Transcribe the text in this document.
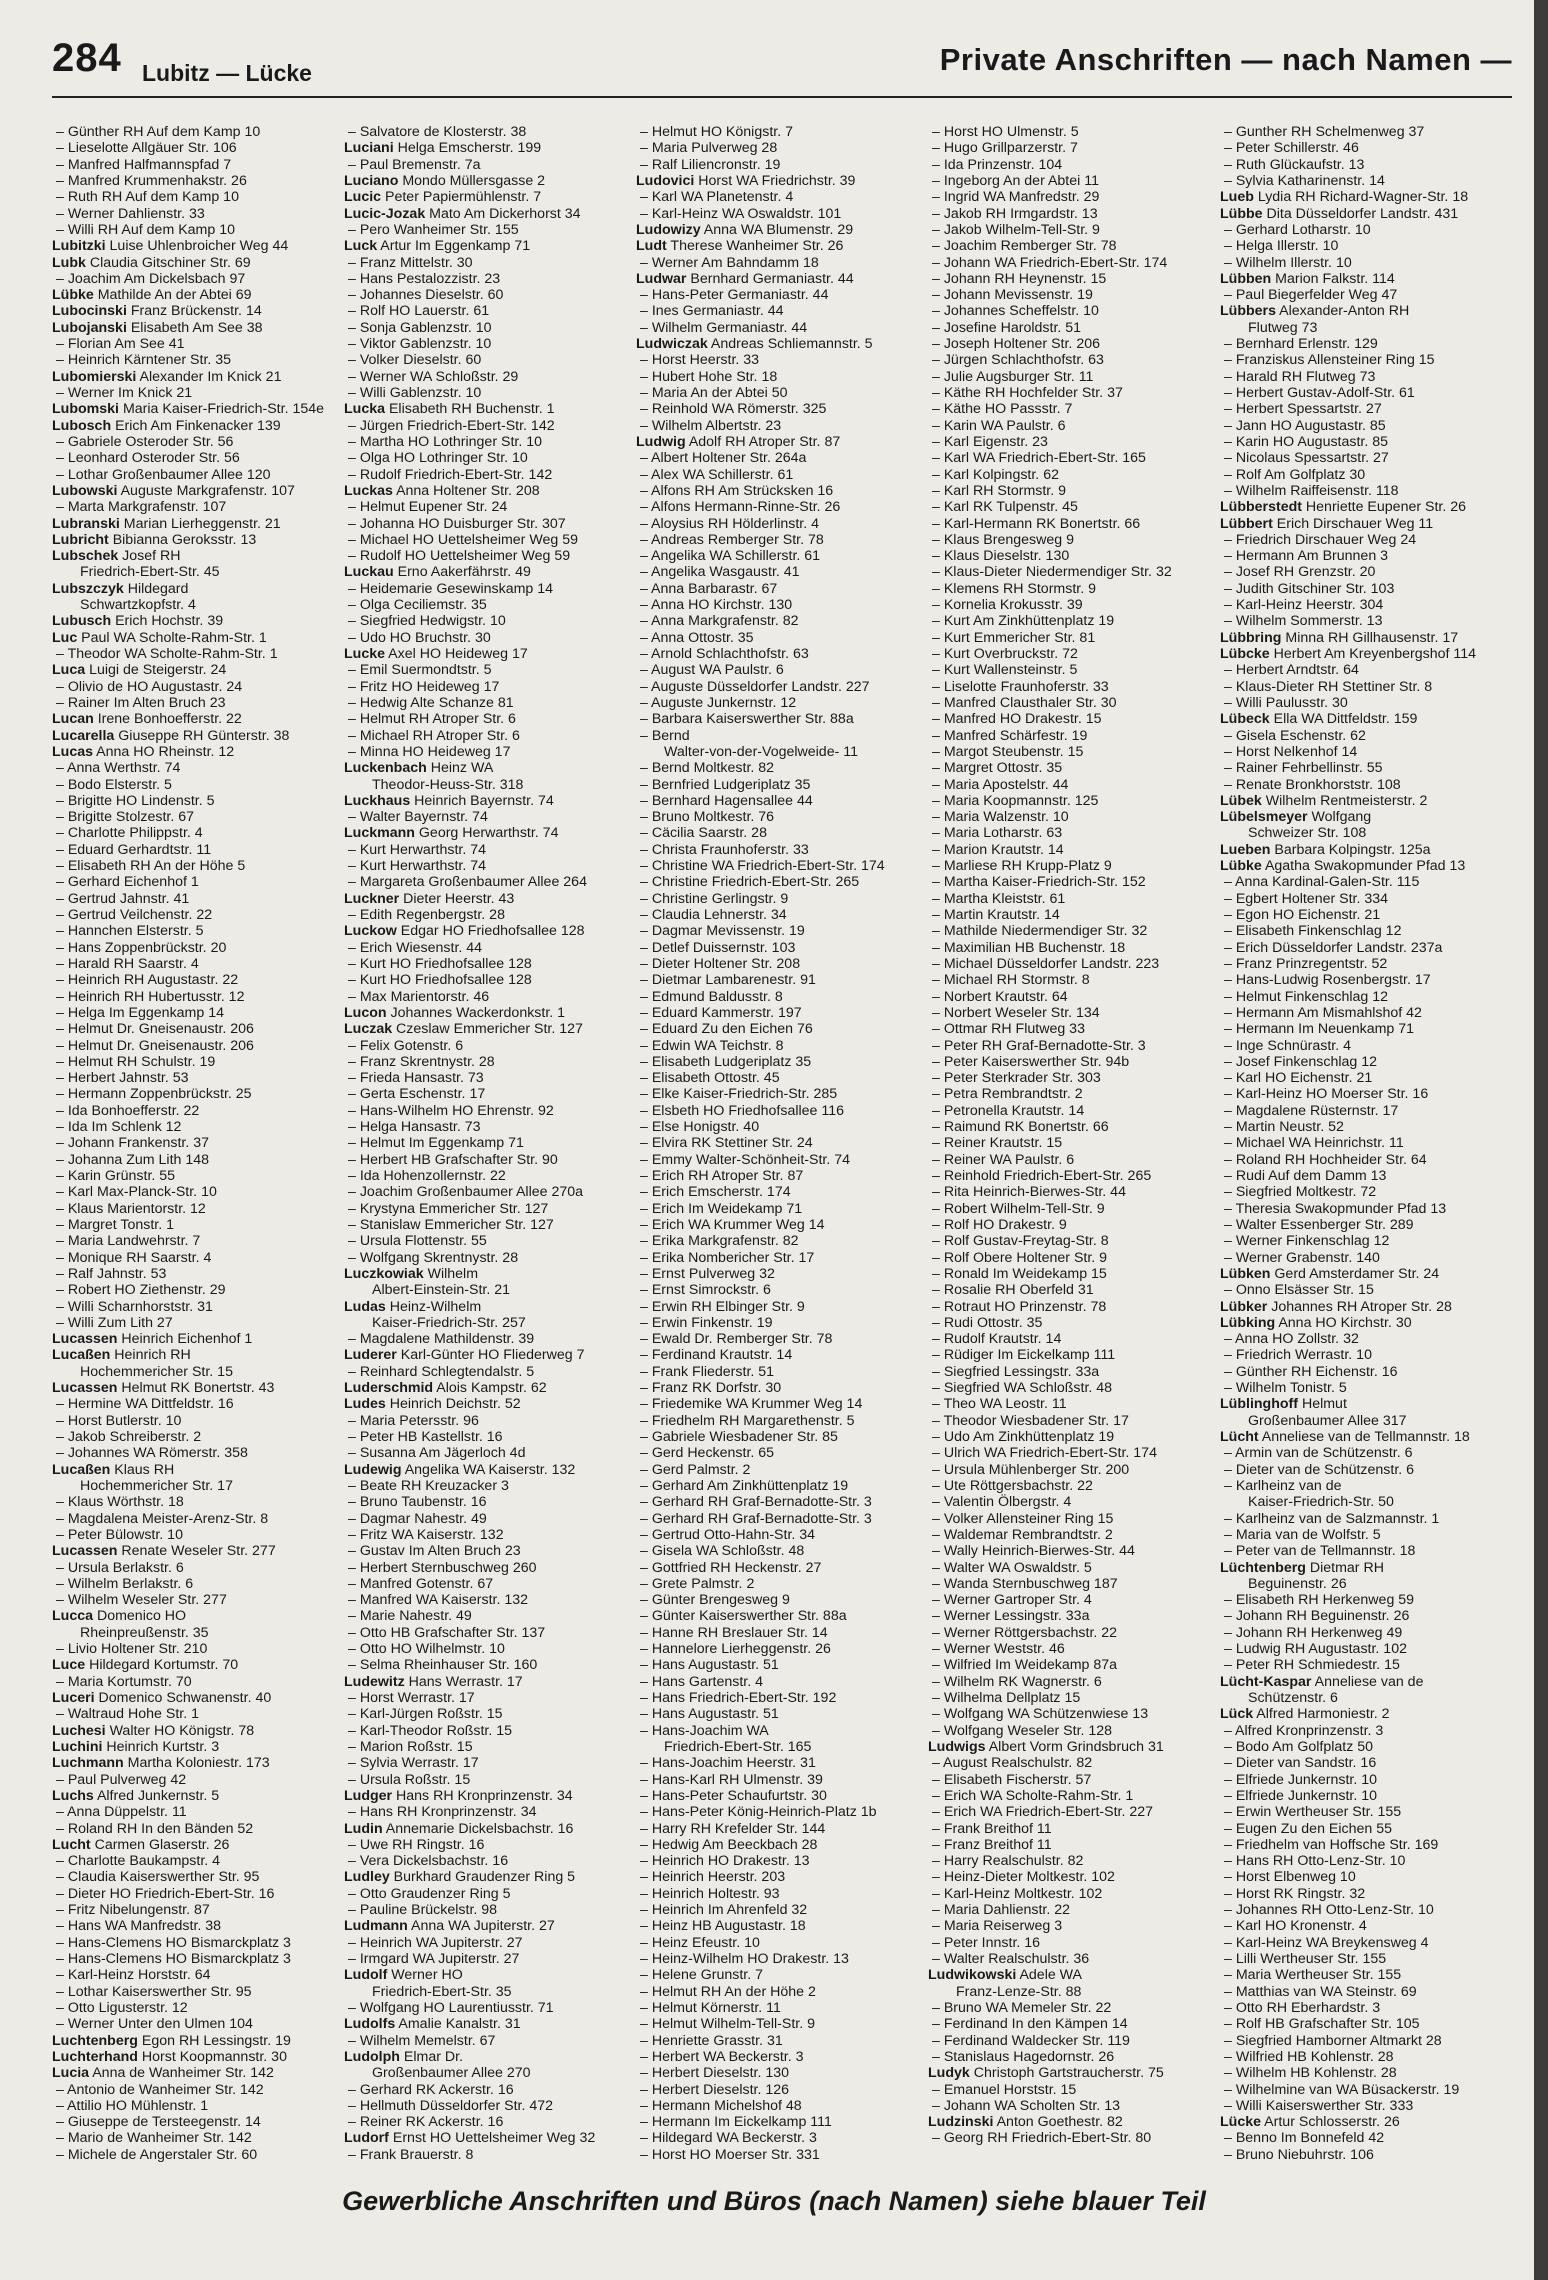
284 Lubitz — Lücke	Private Anschriften — nach Namen —
– Günther RH Auf dem Kamp 10
– Lieselotte Allgäuer Str. 106
– Manfred Halfmannspfad 7
– Manfred Krummenhakstr. 26
– Ruth RH Auf dem Kamp 10
– Werner Dahlienstr. 33
– Willi RH Auf dem Kamp 10
Lubitzki Luise Uhlenbroicher Weg 44
Lubk Claudia Gitschiner Str. 69
– Joachim Am Dickelsbach 97
Lübke Mathilde An der Abtei 69
Lubocinski Franz Brückenstr. 14
Lubojanski Elisabeth Am See 38
– Florian Am See 41
– Heinrich Kärntener Str. 35
Lubomierski Alexander Im Knick 21
– Werner Im Knick 21
Lubomski Maria Kaiser-Friedrich-Str. 154e
Lubosch Erich Am Finkenacker 139
– Gabriele Osteroder Str. 56
– Leonhard Osteroder Str. 56
– Lothar Großenbaumer Allee 120
Lubowski Auguste Markgrafenstr. 107
– Marta Markgrafenstr. 107
Lubranski Marian Lierheggenstr. 21
Lubricht Bibianna Geroksstr. 13
Lubschek Josef RH
Friedrich-Ebert-Str. 45
Lubszczyk Hildegard
Schwartzkopfstr. 4
Lubusch Erich Hochstr. 39
Luc Paul WA Scholte-Rahm-Str. 1
– Theodor WA Scholte-Rahm-Str. 1
Luca Luigi de Steigerstr. 24
– Olivio de HO Augustastr. 24
– Rainer Im Alten Bruch 23
Lucan Irene Bonhoefferstr. 22
Lucarella Giuseppe RH Günterstr. 38
Lucas Anna HO Rheinstr. 12
– Anna Werthstr. 74
– Bodo Elsterstr. 5
– Brigitte HO Lindenstr. 5
– Brigitte Stolzestr. 67
– Charlotte Philippstr. 4
– Eduard Gerhardtstr. 11
– Elisabeth RH An der Höhe 5
– Gerhard Eichenhof 1
– Gertrud Jahnstr. 41
– Gertrud Veilchenstr. 22
– Hannchen Elsterstr. 5
– Hans Zoppenbrückstr. 20
– Harald RH Saarstr. 4
– Heinrich RH Augustastr. 22
– Heinrich RH Hubertusstr. 12
– Helga Im Eggenkamp 14
– Helmut Dr. Gneisenaustr. 206
– Helmut Dr. Gneisenaustr. 206
– Helmut RH Schulstr. 19
– Herbert Jahnstr. 53
– Hermann Zoppenbrückstr. 25
– Ida Bonhoefferstr. 22
– Ida Im Schlenk 12
– Johann Frankenstr. 37
– Johanna Zum Lith 148
– Karin Grünstr. 55
– Karl Max-Planck-Str. 10
– Klaus Marientorstr. 12
– Margret Tonstr. 1
– Maria Landwehrstr. 7
– Monique RH Saarstr. 4
– Ralf Jahnstr. 53
– Robert HO Ziethenstr. 29
– Willi Scharnhorststr. 31
– Willi Zum Lith 27
Lucassen Heinrich Eichenhof 1
Lucaßen Heinrich RH
Hochemmericher Str. 15
Lucassen Helmut RK Bonertstr. 43
– Hermine WA Dittfeldstr. 16
– Horst Butlerstr. 10
– Jakob Schreiberstr. 2
– Johannes WA Römerstr. 358
Lucaßen Klaus RH
Hochemmericher Str. 17
– Klaus Wörthstr. 18
– Magdalena Meister-Arenz-Str. 8
– Peter Bülowstr. 10
Lucassen Renate Weseler Str. 277
– Ursula Berlakstr. 6
– Wilhelm Berlakstr. 6
– Wilhelm Weseler Str. 277
Lucca Domenico HO
Rheinpreußenstr. 35
– Livio Holtener Str. 210
Luce Hildegard Kortumstr. 70
– Maria Kortumstr. 70
Luceri Domenico Schwanenstr. 40
– Waltraud Hohe Str. 1
Luchesi Walter HO Königstr. 78
Luchini Heinrich Kurtstr. 3
Luchmann Martha Koloniestr. 173
– Paul Pulverweg 42
Luchs Alfred Junkernstr. 5
– Anna Düppelstr. 11
– Roland RH In den Bänden 52
Lucht Carmen Glaserstr. 26
– Charlotte Baukampstr. 4
– Claudia Kaiserswerther Str. 95
– Dieter HO Friedrich-Ebert-Str. 16
– Fritz Nibelungenstr. 87
– Hans WA Manfredstr. 38
– Hans-Clemens HO Bismarckplatz 3
– Hans-Clemens HO Bismarckplatz 3
– Karl-Heinz Horststr. 64
– Lothar Kaiserswerther Str. 95
– Otto Ligusterstr. 12
– Werner Unter den Ulmen 104
Luchtenberg Egon RH Lessingstr. 19
Luchterhand Horst Koopmannstr. 30
Lucia Anna de Wanheimer Str. 142
– Antonio de Wanheimer Str. 142
– Attilio HO Mühlenstr. 1
– Giuseppe de Tersteegenstr. 14
– Mario de Wanheimer Str. 142
– Michele de Angerstaler Str. 60
– Salvatore de Klosterstr. 38
Luciani Helga Emscherstr. 199
– Paul Bremenstr. 7a
Luciano Mondo Müllersgasse 2
Lucic Peter Papiermühlenstr. 7
Lucic-Jozak Mato Am Dickerhorst 34
– Pero Wanheimer Str. 155
Luck Artur Im Eggenkamp 71
– Franz Mittelstr. 30
– Hans Pestalozzistr. 23
– Johannes Dieselstr. 60
– Rolf HO Lauerstr. 61
– Sonja Gablenzstr. 10
– Viktor Gablenzstr. 10
– Volker Dieselstr. 60
– Werner WA Schloßstr. 29
– Willi Gablenzstr. 10
Lucka Elisabeth RH Buchenstr. 1
– Jürgen Friedrich-Ebert-Str. 142
– Martha HO Lothringer Str. 10
– Olga HO Lothringer Str. 10
– Rudolf Friedrich-Ebert-Str. 142
Luckas Anna Holtener Str. 208
– Helmut Eupener Str. 24
– Johanna HO Duisburger Str. 307
– Michael HO Uettelsheimer Weg 59
– Rudolf HO Uettelsheimer Weg 59
Luckau Erno Aakerfährstr. 49
– Heidemarie Gesewinskamp 14
– Olga Ceciliemstr. 35
– Siegfried Hedwigstr. 10
– Udo HO Bruchstr. 30
Lucke Axel HO Heideweg 17
– Emil Suermondtstr. 5
– Fritz HO Heideweg 17
– Hedwig Alte Schanze 81
– Helmut RH Atroper Str. 6
– Michael RH Atroper Str. 6
– Minna HO Heideweg 17
Luckenbach Heinz WA
Theodor-Heuss-Str. 318
Luckhaus Heinrich Bayernstr. 74
– Walter Bayernstr. 74
Luckmann Georg Herwarthstr. 74
– Kurt Herwarthstr. 74
– Kurt Herwarthstr. 74
– Margareta Großenbaumer Allee 264
Luckner Dieter Heerstr. 43
– Edith Regenbergstr. 28
Luckow Edgar HO Friedhofsallee 128
– Erich Wiesenstr. 44
– Kurt HO Friedhofsallee 128
– Kurt HO Friedhofsallee 128
– Max Marientorstr. 46
Lucon Johannes Wackerdonkstr. 1
Luczak Czeslaw Emmericher Str. 127
– Felix Gotenstr. 6
– Franz Skrentnystr. 28
– Frieda Hansastr. 73
– Gerta Eschenstr. 17
– Hans-Wilhelm HO Ehrenstr. 92
– Helga Hansastr. 73
– Helmut Im Eggenkamp 71
– Herbert HB Grafschafter Str. 90
– Ida Hohenzollernstr. 22
– Joachim Großenbaumer Allee 270a
– Krystyna Emmericher Str. 127
– Stanislaw Emmericher Str. 127
– Ursula Flottenstr. 55
– Wolfgang Skrentnystr. 28
Luczkowiak Wilhelm
Albert-Einstein-Str. 21
Ludas Heinz-Wilhelm
Kaiser-Friedrich-Str. 257
– Magdalene Mathildenstr. 39
Luderer Karl-Günter HO Fliederweg 7
– Reinhard Schlegtendalstr. 5
Luderschmid Alois Kampstr. 62
Ludes Heinrich Deichstr. 52
– Maria Petersstr. 96
– Peter HB Kastellstr. 16
– Susanna Am Jägerloch 4d
Ludewig Angelika WA Kaiserstr. 132
– Beate RH Kreuzacker 3
– Bruno Taubenstr. 16
– Dagmar Nahestr. 49
– Fritz WA Kaiserstr. 132
– Gustav Im Alten Bruch 23
– Herbert Sternbuschweg 260
– Manfred Gotenstr. 67
– Manfred WA Kaiserstr. 132
– Marie Nahestr. 49
– Otto HB Grafschafter Str. 137
– Otto HO Wilhelmstr. 10
– Selma Rheinhauser Str. 160
Ludewitz Hans Werrastr. 17
– Horst Werrastr. 17
– Karl-Jürgen Roßstr. 15
– Karl-Theodor Roßstr. 15
– Marion Roßstr. 15
– Sylvia Werrastr. 17
– Ursula Roßstr. 15
Ludger Hans RH Kronprinzenstr. 34
– Hans RH Kronprinzenstr. 34
Ludin Annemarie Dickelsbachstr. 16
– Uwe RH Ringstr. 16
– Vera Dickelsbachstr. 16
Ludley Burkhard Graudenzer Ring 5
– Otto Graudenzer Ring 5
– Pauline Brückelstr. 98
Ludmann Anna WA Jupiterstr. 27
– Heinrich WA Jupiterstr. 27
– Irmgard WA Jupiterstr. 27
Ludolf Werner HO
Friedrich-Ebert-Str. 35
– Wolfgang HO Laurentiusstr. 71
Ludolfs Amalie Kanalstr. 31
– Wilhelm Memelstr. 67
Ludolph Elmar Dr.
Großenbaumer Allee 270
– Gerhard RK Ackerstr. 16
– Hellmuth Düsseldorfer Str. 472
– Reiner RK Ackerstr. 16
Ludorf Ernst HO Uettelsheimer Weg 32
– Frank Brauerstr. 8
– Helmut HO Königstr. 7
– Maria Pulverweg 28
– Ralf Liliencronstr. 19
Ludovici Horst WA Friedrichstr. 39
– Karl WA Planetenstr. 4
– Karl-Heinz WA Oswaldstr. 101
Ludowizy Anna WA Blumenstr. 29
Ludt Therese Wanheimer Str. 26
– Werner Am Bahndamm 18
Ludwar Bernhard Germaniastr. 44
– Hans-Peter Germaniastr. 44
– Ines Germaniastr. 44
– Wilhelm Germaniastr. 44
Ludwiczak Andreas Schliemannstr. 5
– Horst Heerstr. 33
– Hubert Hohe Str. 18
– Maria An der Abtei 50
– Reinhold WA Römerstr. 325
– Wilhelm Albertstr. 23
Ludwig Adolf RH Atroper Str. 87
– Albert Holtener Str. 264a
– Alex WA Schillerstr. 61
– Alfons RH Am Strücksken 16
– Alfons Hermann-Rinne-Str. 26
– Aloysius RH Hölderlinstr. 4
– Andreas Remberger Str. 78
– Angelika WA Schillerstr. 61
– Angelika Wasgaustr. 41
– Anna Barbarastr. 67
– Anna HO Kirchstr. 130
– Anna Markgrafenstr. 82
– Anna Ottostr. 35
– Arnold Schlachthofstr. 63
– August WA Paulstr. 6
– Auguste Düsseldorfer Landstr. 227
– Auguste Junkernstr. 12
– Barbara Kaiserswerther Str. 88a
– Bernd
Walter-von-der-Vogelweide- 11
– Bernd Moltkestr. 82
– Bernfried Ludgeriplatz 35
– Bernhard Hagensallee 44
– Bruno Moltkestr. 76
– Cäcilia Saarstr. 28
– Christa Fraunhoferstr. 33
– Christine WA Friedrich-Ebert-Str. 174
– Christine Friedrich-Ebert-Str. 265
– Christine Gerlingstr. 9
– Claudia Lehnerstr. 34
– Dagmar Mevissenstr. 19
– Detlef Duissernstr. 103
– Dieter Holtener Str. 208
– Dietmar Lambarenestr. 91
– Edmund Baldusstr. 8
– Eduard Kammerstr. 197
– Eduard Zu den Eichen 76
– Edwin WA Teichstr. 8
– Elisabeth Ludgeriplatz 35
– Elisabeth Ottostr. 45
– Elke Kaiser-Friedrich-Str. 285
– Elsbeth HO Friedhofsallee 116
– Else Honigstr. 40
– Elvira RK Stettiner Str. 24
– Emmy Walter-Schönheit-Str. 74
– Erich RH Atroper Str. 87
– Erich Emscherstr. 174
– Erich Im Weidekamp 71
– Erich WA Krummer Weg 14
– Erika Markgrafenstr. 82
– Erika Nombericher Str. 17
– Ernst Pulverweg 32
– Ernst Simrockstr. 6
– Erwin RH Elbinger Str. 9
– Erwin Finkenstr. 19
– Ewald Dr. Remberger Str. 78
– Ferdinand Krautstr. 14
– Frank Fliederstr. 51
– Franz RK Dorfstr. 30
– Friedemike WA Krummer Weg 14
– Friedhelm RH Margarethenstr. 5
– Gabriele Wiesbadener Str. 85
– Gerd Heckenstr. 65
– Gerd Palmstr. 2
– Gerhard Am Zinkhüttenplatz 19
– Gerhard RH Graf-Bernadotte-Str. 3
– Gerhard RH Graf-Bernadotte-Str. 3
– Gertrud Otto-Hahn-Str. 34
– Gisela WA Schloßstr. 48
– Gottfried RH Heckenstr. 27
– Grete Palmstr. 2
– Günter Brengesweg 9
– Günter Kaiserswerther Str. 88a
– Hanne RH Breslauer Str. 14
– Hannelore Lierheggenstr. 26
– Hans Augustastr. 51
– Hans Gartenstr. 4
– Hans Friedrich-Ebert-Str. 192
– Hans Augustastr. 51
– Hans-Joachim WA
Friedrich-Ebert-Str. 165
– Hans-Joachim Heerstr. 31
– Hans-Karl RH Ulmenstr. 39
– Hans-Peter Schaufurtstr. 30
– Hans-Peter König-Heinrich-Platz 1b
– Harry RH Krefelder Str. 144
– Hedwig Am Beeckbach 28
– Heinrich HO Drakestr. 13
– Heinrich Heerstr. 203
– Heinrich Holtestr. 93
– Heinrich Im Ahrenfeld 32
– Heinz HB Augustastr. 18
– Heinz Efeustr. 10
– Heinz-Wilhelm HO Drakestr. 13
– Helene Grunstr. 7
– Helmut RH An der Höhe 2
– Helmut Körnerstr. 11
– Helmut Wilhelm-Tell-Str. 9
– Henriette Grasstr. 31
– Herbert WA Beckerstr. 3
– Herbert Dieselstr. 130
– Herbert Dieselstr. 126
– Hermann Michelshof 48
– Hermann Im Eickelkamp 111
– Hildegard WA Beckerstr. 3
– Horst HO Moerser Str. 331
– Horst HO Ulmenstr. 5
– Hugo Grillparzerstr. 7
– Ida Prinzenstr. 104
– Ingeborg An der Abtei 11
– Ingrid WA Manfredstr. 29
– Jakob RH Irmgardstr. 13
– Jakob Wilhelm-Tell-Str. 9
– Joachim Remberger Str. 78
– Johann WA Friedrich-Ebert-Str. 174
– Johann RH Heynenstr. 15
– Johann Mevissenstr. 19
– Johannes Scheffelstr. 10
– Josefine Haroldstr. 51
– Joseph Holtener Str. 206
– Jürgen Schlachthofstr. 63
– Julie Augsburger Str. 11
– Käthe RH Hochfelder Str. 37
– Käthe HO Passstr. 7
– Karin WA Paulstr. 6
– Karl Eigenstr. 23
– Karl WA Friedrich-Ebert-Str. 165
– Karl Kolpingstr. 62
– Karl RH Stormstr. 9
– Karl RK Tulpenstr. 45
– Karl-Hermann RK Bonertstr. 66
– Klaus Brengesweg 9
– Klaus Dieselstr. 130
– Klaus-Dieter Niedermendiger Str. 32
– Klemens RH Stormstr. 9
– Kornelia Krokusstr. 39
– Kurt Am Zinkhüttenplatz 19
– Kurt Emmericher Str. 81
– Kurt Overbruckstr. 72
– Kurt Wallensteinstr. 5
– Liselotte Fraunhoferstr. 33
– Manfred Clausthaler Str. 30
– Manfred HO Drakestr. 15
– Manfred Schärfestr. 19
– Margot Steubenstr. 15
– Margret Ottostr. 35
– Maria Apostelstr. 44
– Maria Koopmannstr. 125
– Maria Walzenstr. 10
– Maria Lotharstr. 63
– Marion Krautstr. 14
– Marliese RH Krupp-Platz 9
– Martha Kaiser-Friedrich-Str. 152
– Martha Kleiststr. 61
– Martin Krautstr. 14
– Mathilde Niedermendiger Str. 32
– Maximilian HB Buchenstr. 18
– Michael Düsseldorfer Landstr. 223
– Michael RH Stormstr. 8
– Norbert Krautstr. 64
– Norbert Weseler Str. 134
– Ottmar RH Flutweg 33
– Peter RH Graf-Bernadotte-Str. 3
– Peter Kaiserswerther Str. 94b
– Peter Sterkrader Str. 303
– Petra Rembrandtstr. 2
– Petronella Krautstr. 14
– Raimund RK Bonertstr. 66
– Reiner Krautstr. 15
– Reiner WA Paulstr. 6
– Reinhold Friedrich-Ebert-Str. 265
– Rita Heinrich-Bierwes-Str. 44
– Robert Wilhelm-Tell-Str. 9
– Rolf HO Drakestr. 9
– Rolf Gustav-Freytag-Str. 8
– Rolf Obere Holtener Str. 9
– Ronald Im Weidekamp 15
– Rosalie RH Oberfeld 31
– Rotraut HO Prinzenstr. 78
– Rudi Ottostr. 35
– Rudolf Krautstr. 14
– Rüdiger Im Eickelkamp 111
– Siegfried Lessingstr. 33a
– Siegfried WA Schloßstr. 48
– Theo WA Leostr. 11
– Theodor Wiesbadener Str. 17
– Udo Am Zinkhüttenplatz 19
– Ulrich WA Friedrich-Ebert-Str. 174
– Ursula Mühlenberger Str. 200
– Ute Röttgersbachstr. 22
– Valentin Ölbergstr. 4
– Volker Allensteiner Ring 15
– Waldemar Rembrandtstr. 2
– Wally Heinrich-Bierwes-Str. 44
– Walter WA Oswaldstr. 5
– Wanda Sternbuschweg 187
– Werner Gartroper Str. 4
– Werner Lessingstr. 33a
– Werner Röttgersbachstr. 22
– Werner Weststr. 46
– Wilfried Im Weidekamp 87a
– Wilhelm RK Wagnerstr. 6
– Wilhelma Dellplatz 15
– Wolfgang WA Schützenwiese 13
– Wolfgang Weseler Str. 128
Ludwigs Albert Vorm Grindsbruch 31
– August Realschulstr. 82
– Elisabeth Fischerstr. 57
– Erich WA Scholte-Rahm-Str. 1
– Erich WA Friedrich-Ebert-Str. 227
– Frank Breithof 11
– Franz Breithof 11
– Harry Realschulstr. 82
– Heinz-Dieter Moltkestr. 102
– Karl-Heinz Moltkestr. 102
– Maria Dahlienstr. 22
– Maria Reiserweg 3
– Peter Innstr. 16
– Walter Realschulstr. 36
Ludwikowski Adele WA
Franz-Lenze-Str. 88
– Bruno WA Memeler Str. 22
– Ferdinand In den Kämpen 14
– Ferdinand Waldecker Str. 119
– Stanislaus Hagedornstr. 26
Ludyk Christoph Gartstraucherstr. 75
– Emanuel Horststr. 15
– Johann WA Scholten Str. 13
Ludzinski Anton Goethestr. 82
– Georg RH Friedrich-Ebert-Str. 80
– Gunther RH Schelmenweg 37
– Peter Schillerstr. 46
– Ruth Glückaufstr. 13
– Sylvia Katharinenstr. 14
Lueb Lydia RH Richard-Wagner-Str. 18
Lübbe Dita Düsseldorfer Landstr. 431
– Gerhard Lotharstr. 10
– Helga Illerstr. 10
– Wilhelm Illerstr. 10
Lübben Marion Falkstr. 114
– Paul Biegerfelder Weg 47
Lübbers Alexander-Anton RH
Flutweg 73
– Bernhard Erlenstr. 129
– Franziskus Allensteiner Ring 15
– Harald RH Flutweg 73
– Herbert Gustav-Adolf-Str. 61
– Herbert Spessartstr. 27
– Jann HO Augustastr. 85
– Karin HO Augustastr. 85
– Nicolaus Spessartstr. 27
– Rolf Am Golfplatz 30
– Wilhelm Raiffeisenstr. 118
Lübberstedt Henriette Eupener Str. 26
Lübbert Erich Dirschauer Weg 11
– Friedrich Dirschauer Weg 24
– Hermann Am Brunnen 3
– Josef RH Grenzstr. 20
– Judith Gitschiner Str. 103
– Karl-Heinz Heerstr. 304
– Wilhelm Sommerstr. 13
Lübbring Minna RH Gillhausenstr. 17
Lübcke Herbert Am Kreyenbergshof 114
– Herbert Arndtstr. 64
– Klaus-Dieter RH Stettiner Str. 8
– Willi Paulusstr. 30
Lübeck Ella WA Dittfeldstr. 159
– Gisela Eschenstr. 62
– Horst Nelkenhof 14
– Rainer Fehrbellinstr. 55
– Renate Bronkhorststr. 108
Lübek Wilhelm Rentmeisterstr. 2
Lübelsmeyer Wolfgang
Schweizer Str. 108
Lueben Barbara Kolpingstr. 125a
Lübke Agatha Swakopmunder Pfad 13
– Anna Kardinal-Galen-Str. 115
– Egbert Holtener Str. 334
– Egon HO Eichenstr. 21
– Elisabeth Finkenschlag 12
– Erich Düsseldorfer Landstr. 237a
– Franz Prinzregentstr. 52
– Hans-Ludwig Rosenbergstr. 17
– Helmut Finkenschlag 12
– Hermann Am Mismahlshof 42
– Hermann Im Neuenkamp 71
– Inge Schnürastr. 4
– Josef Finkenschlag 12
– Karl HO Eichenstr. 21
– Karl-Heinz HO Moerser Str. 16
– Magdalene Rüsternstr. 17
– Martin Neustr. 52
– Michael WA Heinrichstr. 11
– Roland RH Hochheider Str. 64
– Rudi Auf dem Damm 13
– Siegfried Moltkestr. 72
– Theresia Swakopmunder Pfad 13
– Walter Essenberger Str. 289
– Werner Finkenschlag 12
– Werner Grabenstr. 140
Lübken Gerd Amsterdamer Str. 24
– Onno Elsässer Str. 15
Lübker Johannes RH Atroper Str. 28
Lübking Anna HO Kirchstr. 30
– Anna HO Zollstr. 32
– Friedrich Werrastr. 10
– Günther RH Eichenstr. 16
– Wilhelm Tonistr. 5
Lüblinghoff Helmut
Großenbaumer Allee 317
Lücht Anneliese van de Tellmannstr. 18
– Armin van de Schützenstr. 6
– Dieter van de Schützenstr. 6
– Karlheinz van de
Kaiser-Friedrich-Str. 50
– Karlheinz van de Salzmannstr. 1
– Maria van de Wolfstr. 5
– Peter van de Tellmannstr. 18
Lüchtenberg Dietmar RH
Beguinenstr. 26
– Elisabeth RH Herkenweg 59
– Johann RH Beguinenstr. 26
– Johann RH Herkenweg 49
– Ludwig RH Augustastr. 102
– Peter RH Schmiedestr. 15
Lücht-Kaspar Anneliese van de
Schützenstr. 6
Lück Alfred Harmoniestr. 2
– Alfred Kronprinzenstr. 3
– Bodo Am Golfplatz 50
– Dieter van Sandstr. 16
– Elfriede Junkernstr. 10
– Elfriede Junkernstr. 10
– Erwin Wertheuser Str. 155
– Eugen Zu den Eichen 55
– Friedhelm van Hoffsche Str. 169
– Hans RH Otto-Lenz-Str. 10
– Horst Elbenweg 10
– Horst RK Ringstr. 32
– Johannes RH Otto-Lenz-Str. 10
– Karl HO Kronenstr. 4
– Karl-Heinz WA Breykensweg 4
– Lilli Wertheuser Str. 155
– Maria Wertheuser Str. 155
– Matthias van WA Steinstr. 69
– Otto RH Eberhardstr. 3
– Rolf HB Grafschafter Str. 105
– Siegfried Hamborner Altmarkt 28
– Wilfried HB Kohlenstr. 28
– Wilhelm HB Kohlenstr. 28
– Wilhelmine van WA Büsackerstr. 19
– Willi Kaiserswerther Str. 333
Lücke Artur Schlosserstr. 26
– Benno Im Bonnefeld 42
– Bruno Niebuhrstr. 106
Gewerbliche Anschriften und Büros (nach Namen) siehe blauer Teil
